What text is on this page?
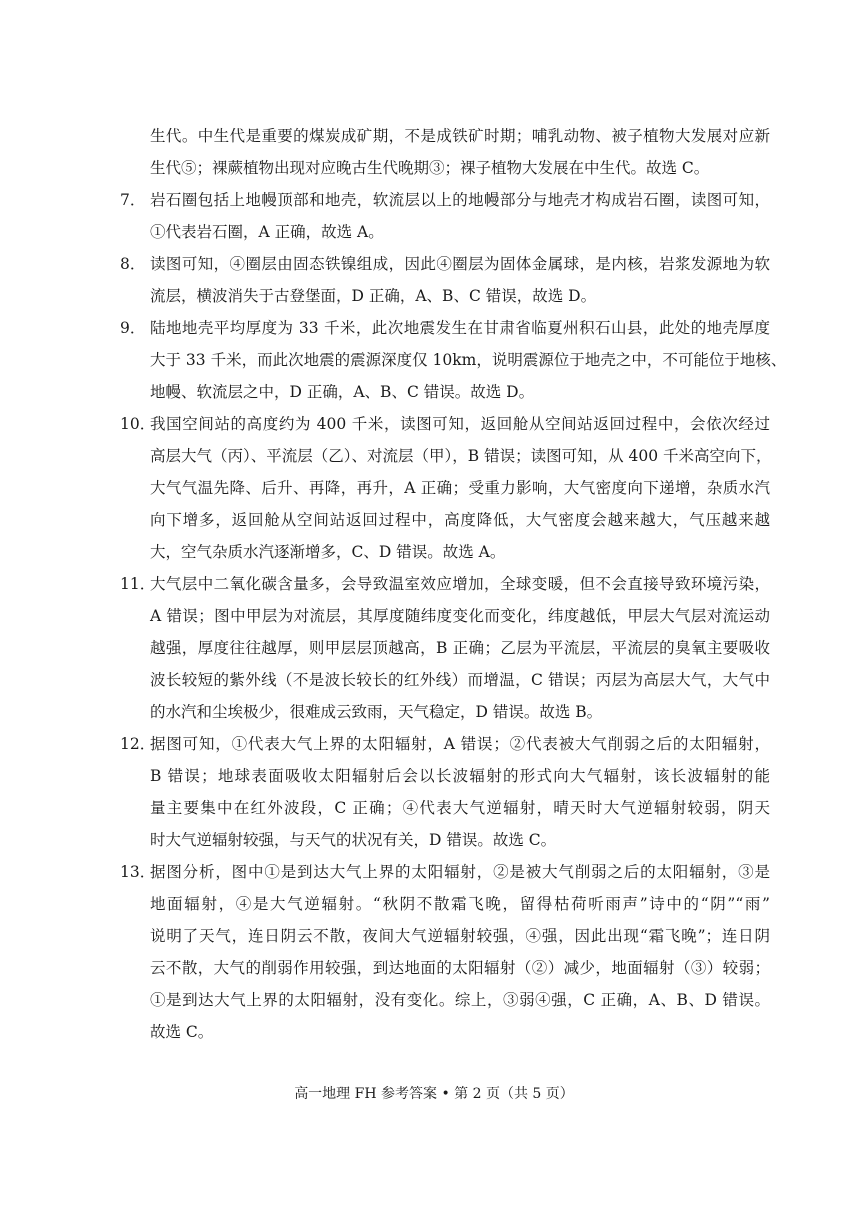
生代。中生代是重要的煤炭成矿期，不是成铁矿时期；哺乳动物、被子植物大发展对应新
生代⑤；裸蕨植物出现对应晚古生代晚期③；裸子植物大发展在中生代。故选 C。
7． 岩石圈包括上地幔顶部和地壳，软流层以上的地幔部分与地壳才构成岩石圈，读图可知，
①代表岩石圈，A 正确，故选 A。
8． 读图可知，④圈层由固态铁镍组成，因此④圈层为固体金属球，是内核，岩浆发源地为软
流层，横波消失于古登堡面，D 正确，A、B、C 错误，故选 D。
9． 陆地地壳平均厚度为 33 千米，此次地震发生在甘肃省临夏州积石山县，此处的地壳厚度
大于 33 千米，而此次地震的震源深度仅 10km，说明震源位于地壳之中，不可能位于地核、
地幔、软流层之中，D 正确，A、B、C 错误。故选 D。
10．
我国空间站的高度约为 400 千米，读图可知，返回舱从空间站返回过程中，会依次经过
高层大气（丙）、平流层（乙）、对流层（甲），B 错误；读图可知，从 400 千米高空向下，
大气气温先降、后升、再降，再升，A 正确；受重力影响，大气密度向下递增，杂质水汽
向下增多，返回舱从空间站返回过程中，高度降低，大气密度会越来越大，气压越来越
大，空气杂质水汽逐渐增多，C、D 错误。故选 A。
11．
大气层中二氧化碳含量多，会导致温室效应增加，全球变暖，但不会直接导致环境污染，
A 错误；图中甲层为对流层，其厚度随纬度变化而变化，纬度越低，甲层大气层对流运动
越强，厚度往往越厚，则甲层层顶越高，B 正确；乙层为平流层，平流层的臭氧主要吸收
波长较短的紫外线（不是波长较长的红外线）而增温，C 错误；丙层为高层大气，大气中
的水汽和尘埃极少，很难成云致雨，天气稳定，D 错误。故选 B。
12．
据图可知，①代表大气上界的太阳辐射，A 错误；②代表被大气削弱之后的太阳辐射，
B 错误；地球表面吸收太阳辐射后会以长波辐射的形式向大气辐射，该长波辐射的能
量主要集中在红外波段，C 正确；④代表大气逆辐射，晴天时大气逆辐射较弱，阴天
时大气逆辐射较强，与天气的状况有关，D 错误。故选 C。
13．
据图分析，图中①是到达大气上界的太阳辐射，②是被大气削弱之后的太阳辐射，③是
地面辐射，④是大气逆辐射。“秋阴不散霜飞晚，留得枯荷听雨声”诗中的“阴”“雨”
说明了天气，连日阴云不散，夜间大气逆辐射较强，④强，因此出现“霜飞晚”；连日阴
云不散，大气的削弱作用较强，到达地面的太阳辐射（②）减少，地面辐射（③）较弱；
①是到达大气上界的太阳辐射，没有变化。综上，③弱④强，C 正确，A、B、D 错误。
故选 C。
高一地理 FH 参考答案 • 第 2 页（共 5 页）
